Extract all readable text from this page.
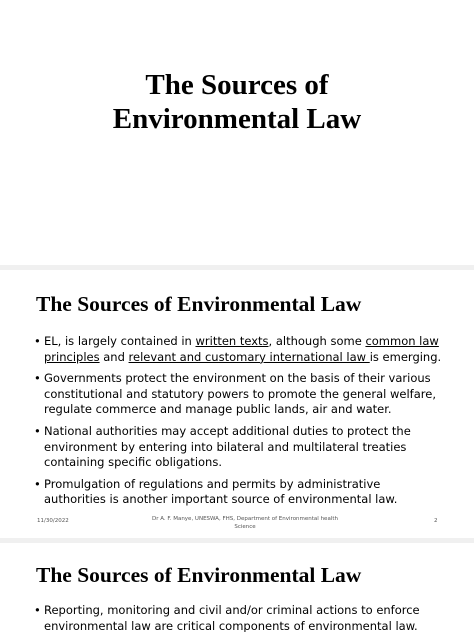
The Sources of
Environmental Law
The Sources of Environmental Law
• EL, is largely contained in written texts, although some common law principles and relevant and customary international law is emerging.
• Governments protect the environment on the basis of their various constitutional and statutory powers to promote the general welfare, regulate commerce and manage public lands, air and water.
• National authorities may accept additional duties to protect the environment by entering into bilateral and multilateral treaties containing specific obligations.
• Promulgation of regulations and permits by administrative authorities is another important source of environmental law.
11/30/2022	Dr A. F. Manye, UNESWA, FHS, Department of Environmental health Science
2
The Sources of Environmental Law
• Reporting, monitoring and civil and/or criminal actions to enforce environmental law are critical components of environmental law.
